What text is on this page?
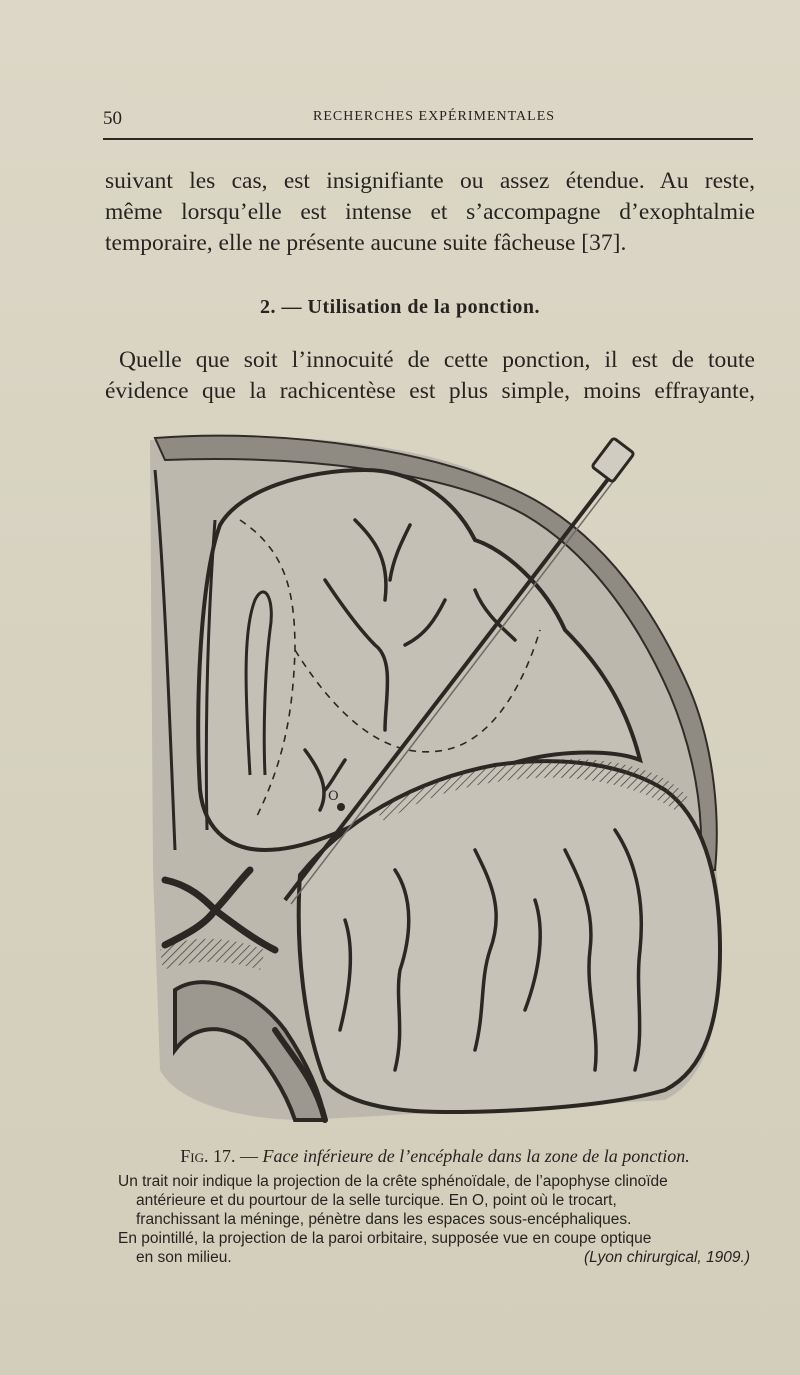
50	RECHERCHES EXPÉRIMENTALES
suivant les cas, est insignifiante ou assez étendue. Au reste,
même lorsqu’elle est intense et s’accompagne d’exophtalmie
temporaire, elle ne présente aucune suite fâcheuse [37].
2. — Utilisation de la ponction.
Quelle que soit l’innocuité de cette ponction, il est de toute
évidence que la rachicentèse est plus simple, moins effrayante,
O
Fig. 17. — Face inférieure de l’encéphale dans la zone de la ponction.
Un trait noir indique la projection de la crête sphénoïdale, de l’apophyse clinoïde
antérieure et du pourtour de la selle turcique. En O, point où le trocart,
franchissant la méninge, pénètre dans les espaces sous-encéphaliques.
En pointillé, la projection de la paroi orbitaire, supposée vue en coupe optique
en son milieu.	(Lyon chirurgical, 1909.)
